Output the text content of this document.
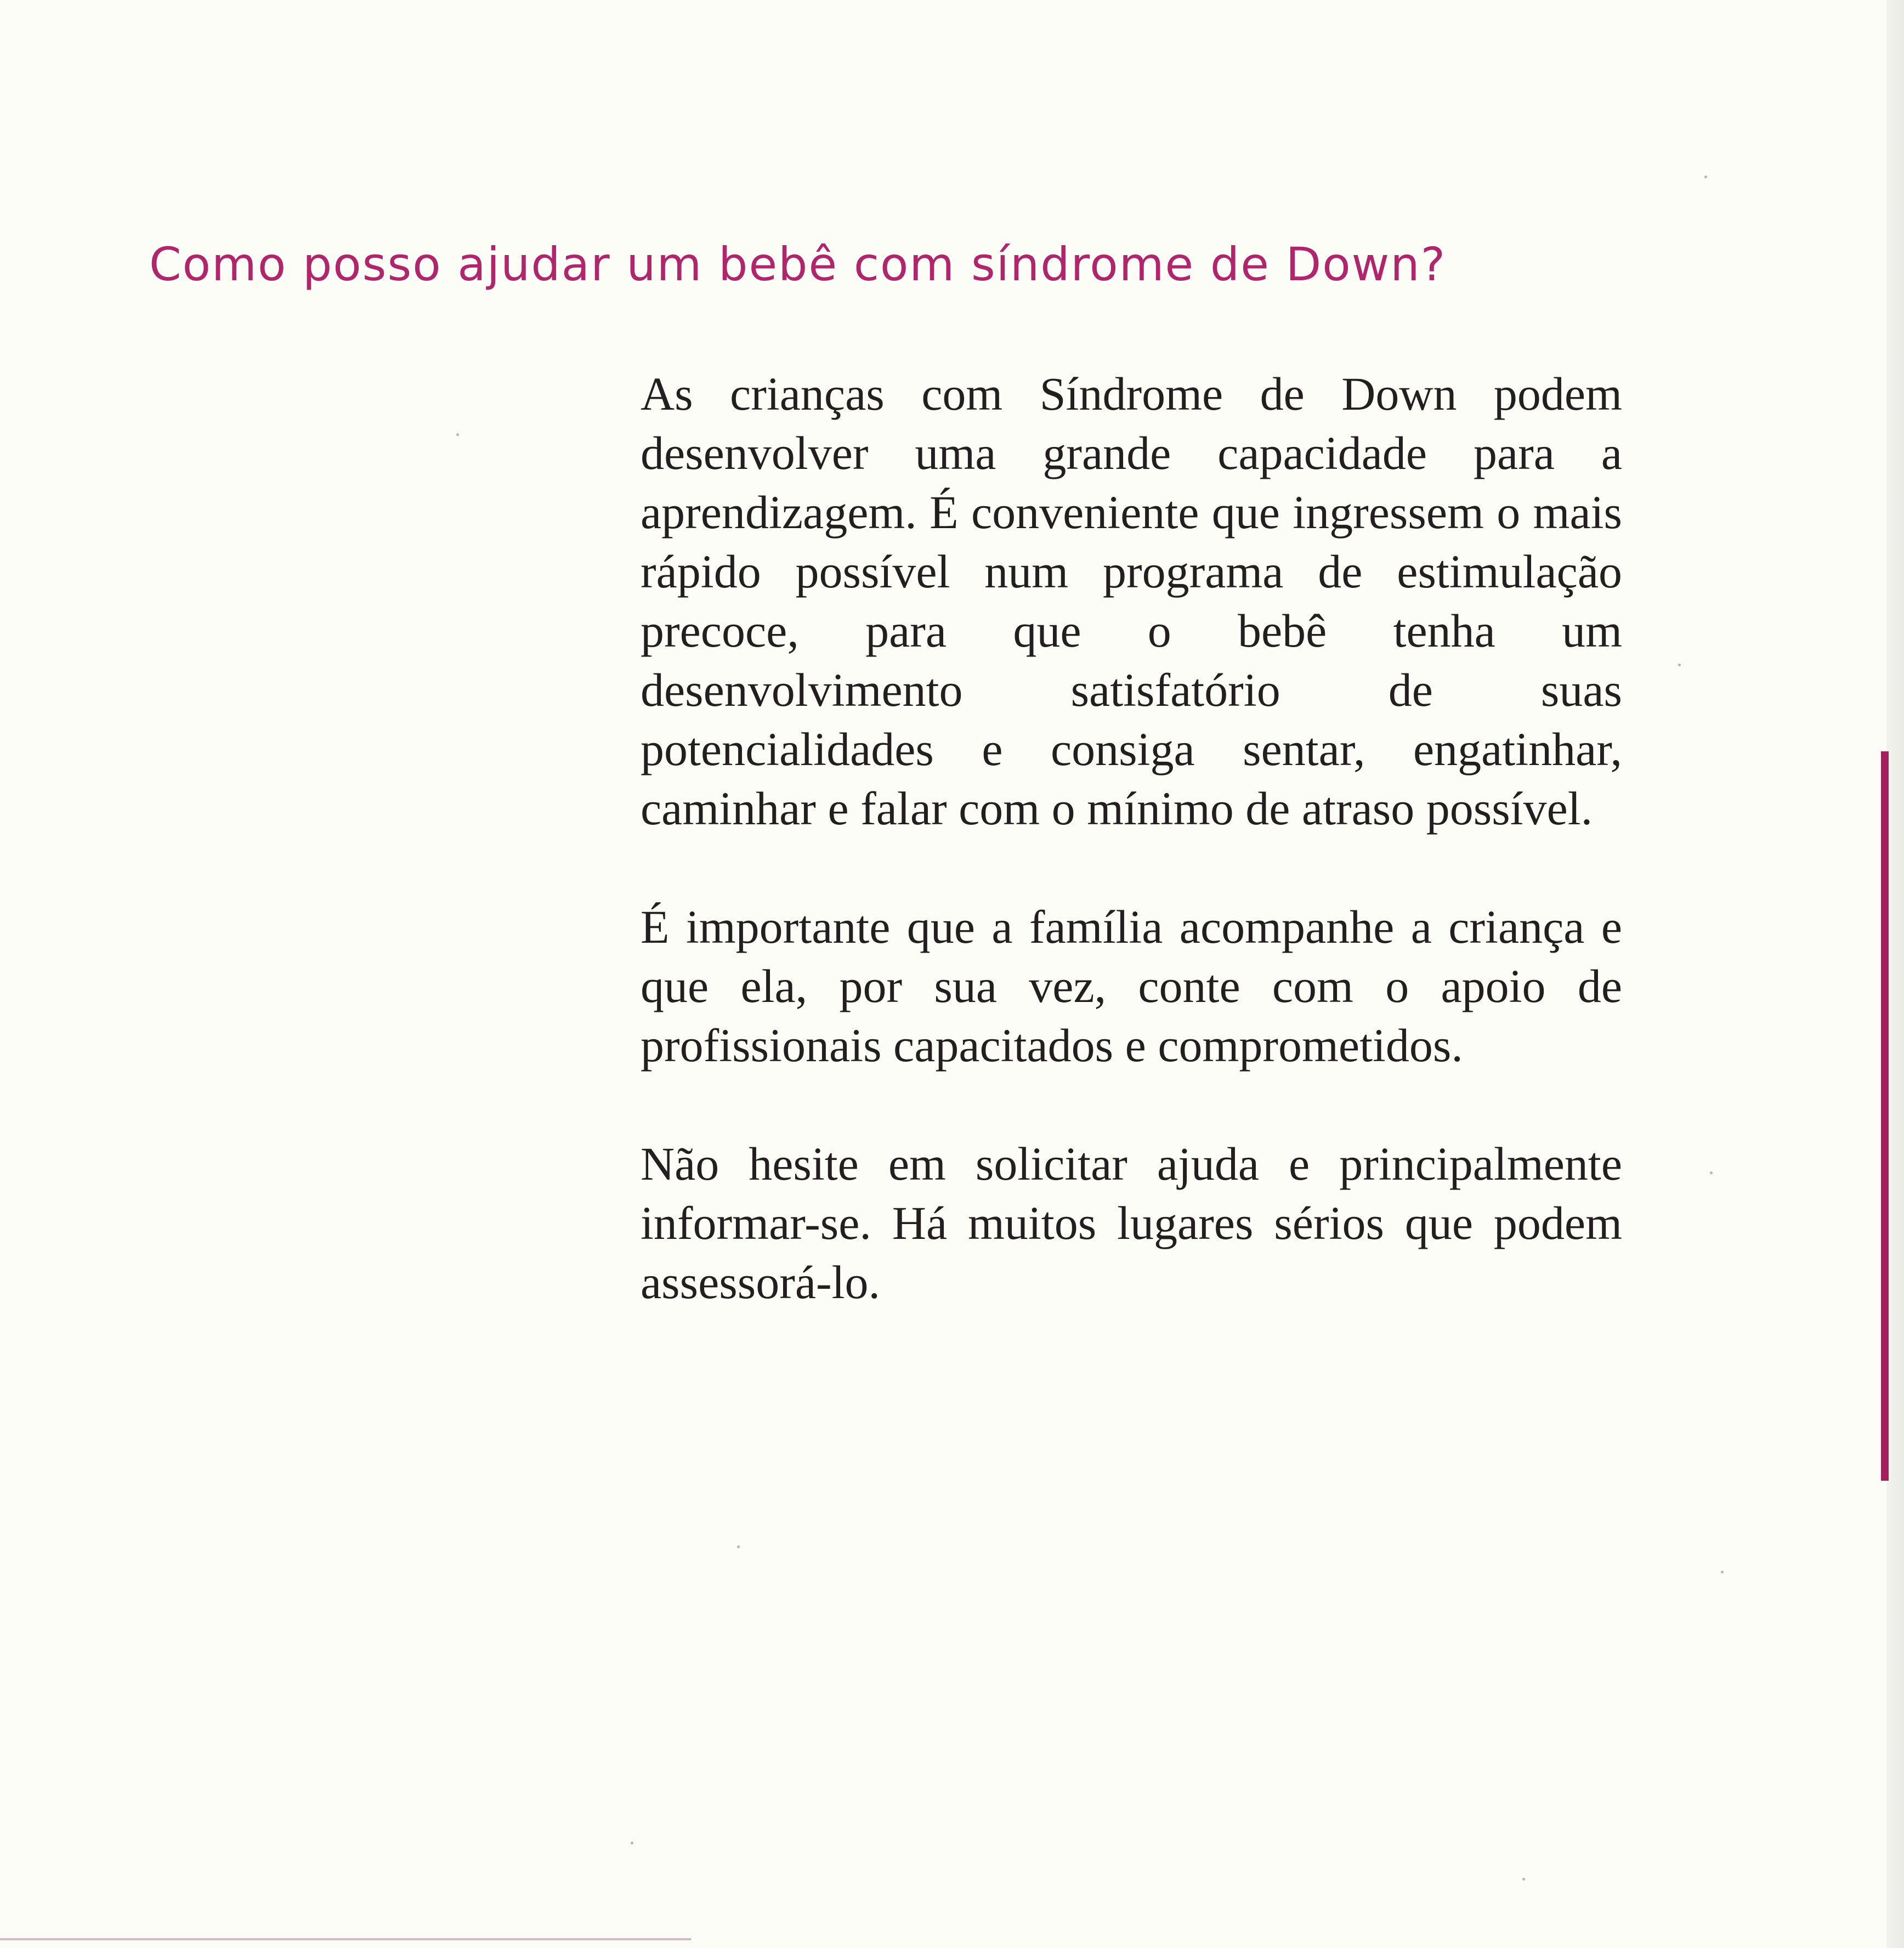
Como posso ajudar um bebê com síndrome de Down?

As crianças com Síndrome de Down podem desenvolver uma grande capacidade para a aprendizagem. É conveniente que ingressem o mais rápido possível num programa de estimulação precoce, para que o bebê tenha um desenvolvimento satisfatório de suas potencialidades e consiga sentar, engatinhar, caminhar e falar com o mínimo de atraso possível.

É importante que a família acompanhe a criança e que ela, por sua vez, conte com o apoio de profissionais capacitados e comprometidos.

Não hesite em solicitar ajuda e principalmente informar-se. Há muitos lugares sérios que podem assessorá-lo.
